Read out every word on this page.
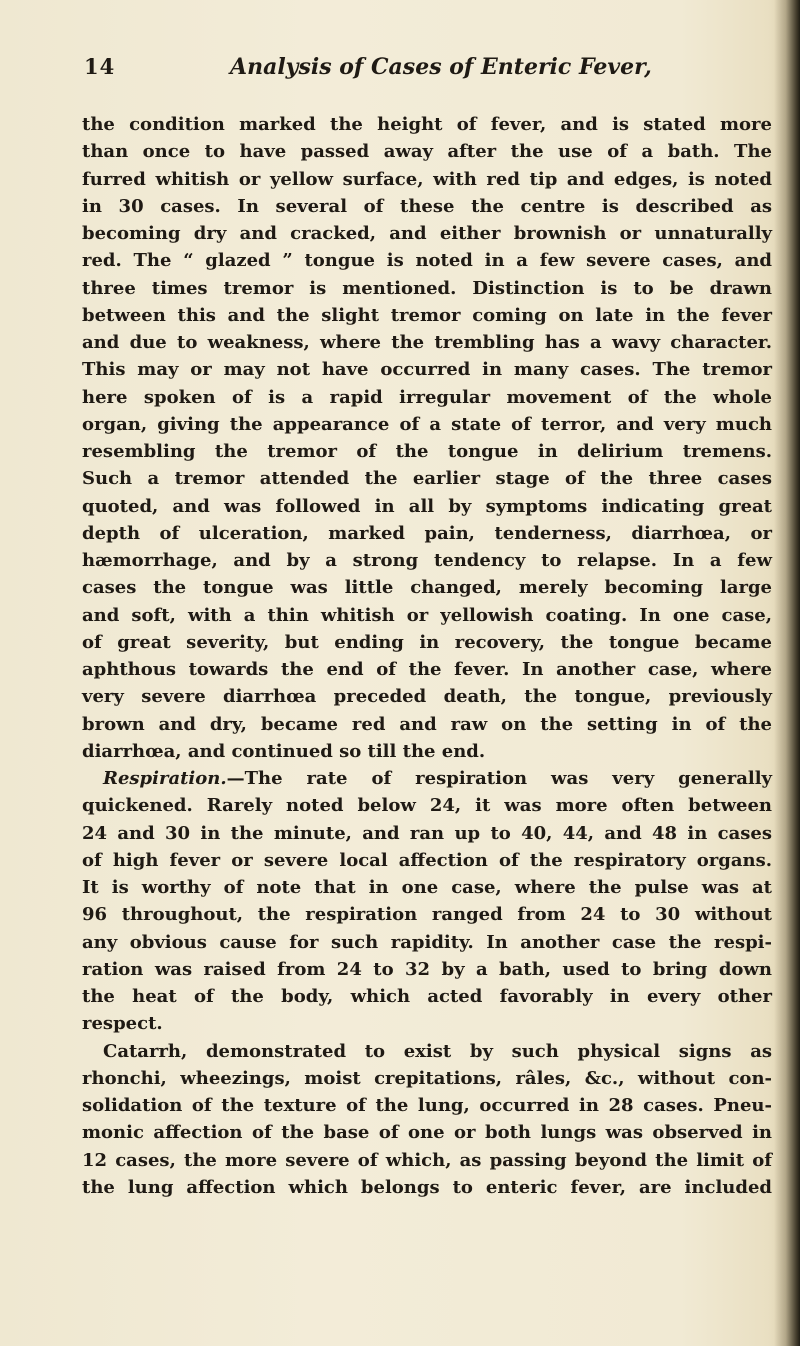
14	Analysis of Cases of Enteric Fever,
the condition marked the height of fever, and is stated more
than once to have passed away after the use of a bath. The
furred whitish or yellow surface, with red tip and edges, is noted
in 30 cases. In several of these the centre is described as
becoming dry and cracked, and either brownish or unnaturally
red. The “ glazed ” tongue is noted in a few severe cases, and
three times tremor is mentioned. Distinction is to be drawn
between this and the slight tremor coming on late in the fever
and due to weakness, where the trembling has a wavy character.
This may or may not have occurred in many cases. The tremor
here spoken of is a rapid irregular movement of the whole
organ, giving the appearance of a state of terror, and very much
resembling the tremor of the tongue in delirium tremens.
Such a tremor attended the earlier stage of the three cases
quoted, and was followed in all by symptoms indicating great
depth of ulceration, marked pain, tenderness, diarrhœa, or
hæmorrhage, and by a strong tendency to relapse. In a few
cases the tongue was little changed, merely becoming large
and soft, with a thin whitish or yellowish coating. In one case,
of great severity, but ending in recovery, the tongue became
aphthous towards the end of the fever. In another case, where
very severe diarrhœa preceded death, the tongue, previously
brown and dry, became red and raw on the setting in of the
diarrhœa, and continued so till the end.
Respiration.—The rate of respiration was very generally
quickened. Rarely noted below 24, it was more often between
24 and 30 in the minute, and ran up to 40, 44, and 48 in cases
of high fever or severe local affection of the respiratory organs.
It is worthy of note that in one case, where the pulse was at
96 throughout, the respiration ranged from 24 to 30 without
any obvious cause for such rapidity. In another case the respi-
ration was raised from 24 to 32 by a bath, used to bring down
the heat of the body, which acted favorably in every other
respect.
Catarrh, demonstrated to exist by such physical signs as
rhonchi, wheezings, moist crepitations, râles, &c., without con-
solidation of the texture of the lung, occurred in 28 cases. Pneu-
monic affection of the base of one or both lungs was observed in
12 cases, the more severe of which, as passing beyond the limit of
the lung affection which belongs to enteric fever, are included
